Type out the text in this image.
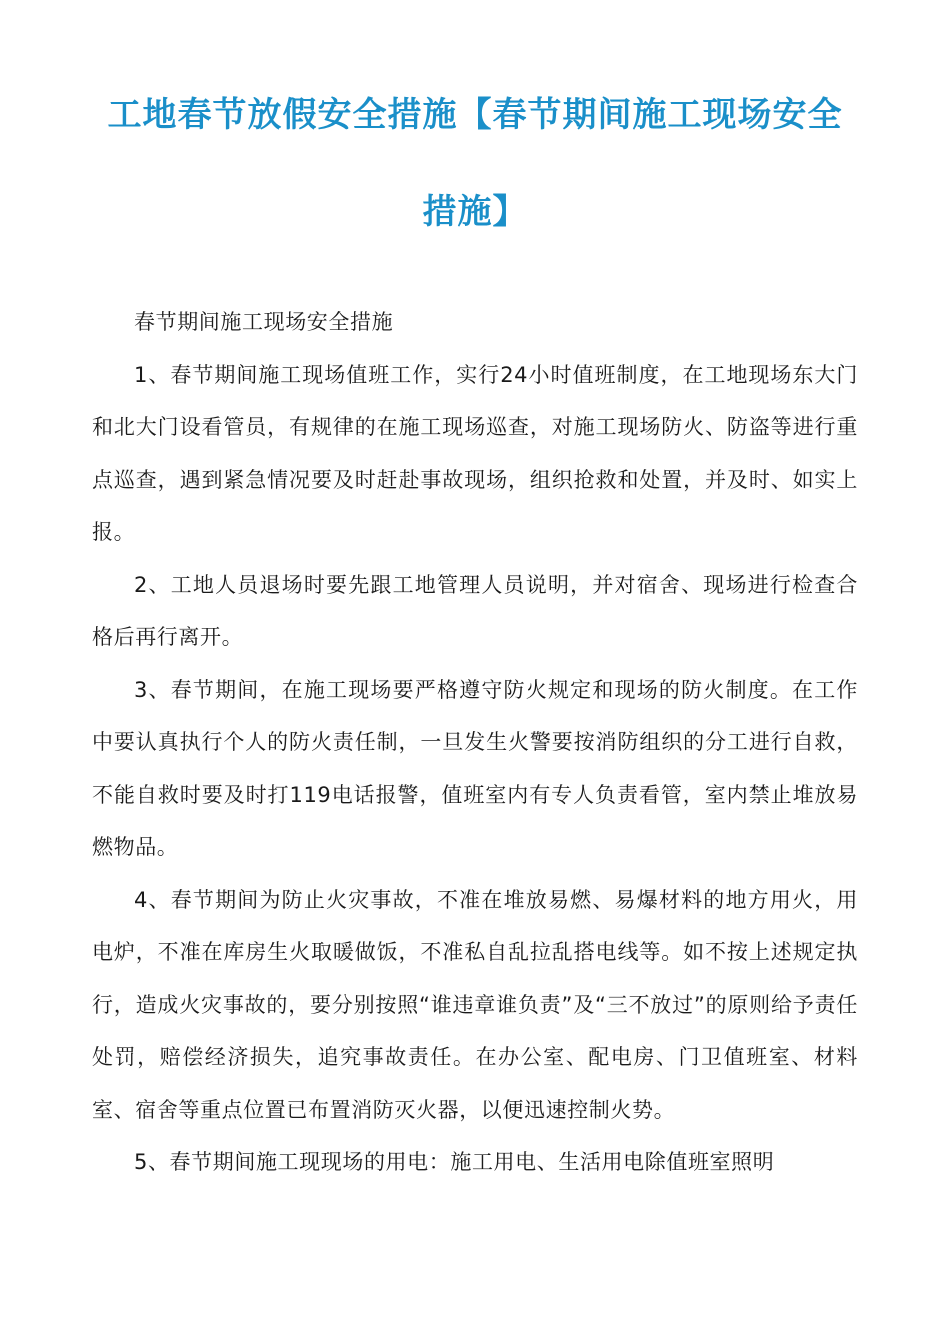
工地春节放假安全措施【春节期间施工现场安全
措施】

春节期间施工现场安全措施

1、春节期间施工现场值班工作，实行24小时值班制度，在工地现场东大门和北大门设看管员，有规律的在施工现场巡查，对施工现场防火、防盗等进行重点巡查，遇到紧急情况要及时赶赴事故现场，组织抢救和处置，并及时、如实上报。

2、工地人员退场时要先跟工地管理人员说明，并对宿舍、现场进行检查合格后再行离开。

3、春节期间，在施工现场要严格遵守防火规定和现场的防火制度。在工作中要认真执行个人的防火责任制，一旦发生火警要按消防组织的分工进行自救，不能自救时要及时打119电话报警，值班室内有专人负责看管，室内禁止堆放易燃物品。

4、春节期间为防止火灾事故，不准在堆放易燃、易爆材料的地方用火，用电炉，不准在库房生火取暖做饭，不准私自乱拉乱搭电线等。如不按上述规定执行，造成火灾事故的，要分别按照“谁违章谁负责”及“三不放过”的原则给予责任处罚，赔偿经济损失，追究事故责任。在办公室、配电房、门卫值班室、材料室、宿舍等重点位置已布置消防灭火器，以便迅速控制火势。

5、春节期间施工现现场的用电：施工用电、生活用电除值班室照明
